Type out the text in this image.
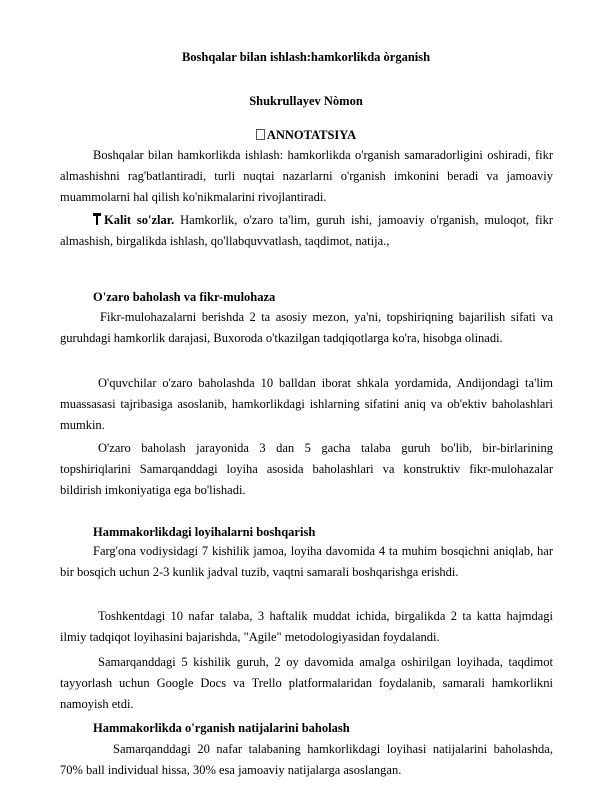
Boshqalar bilan ishlash:hamkorlikda òrganish
Shukrullayev Nòmon
ANNOTATSIYA

Boshqalar bilan hamkorlikda ishlash: hamkorlikda o'rganish samaradorligini oshiradi, fikr almashishni rag'batlantiradi, turli nuqtai nazarlarni o'rganish imkonini beradi va jamoaviy muammolarni hal qilish ko'nikmalarini rivojlantiradi.

Kalit so'zlar. Hamkorlik, o'zaro ta'lim, guruh ishi, jamoaviy o'rganish, muloqot, fikr almashish, birgalikda ishlash, qo'llabquvvatlash, taqdimot, natija.,

O'zaro baholash va fikr-mulohaza

Fikr-mulohazalarni berishda 2 ta asosiy mezon, ya'ni, topshiriqning bajarilish sifati va guruhdagi hamkorlik darajasi, Buxoroda o'tkazilgan tadqiqotlarga ko'ra, hisobga olinadi.

O'quvchilar o'zaro baholashda 10 balldan iborat shkala yordamida, Andijondagi ta'lim muassasasi tajribasiga asoslanib, hamkorlikdagi ishlarning sifatini aniq va ob'ektiv baholashlari mumkin.

O'zaro baholash jarayonida 3 dan 5 gacha talaba guruh bo'lib, bir-birlarining topshiriqlarini Samarqanddagi loyiha asosida baholashlari va konstruktiv fikr-mulohazalar bildirish imkoniyatiga ega bo'lishadi.

Hammakorlikdagi loyihalarni boshqarish

Farg'ona vodiysidagi 7 kishilik jamoa, loyiha davomida 4 ta muhim bosqichni aniqlab, har bir bosqich uchun 2-3 kunlik jadval tuzib, vaqtni samarali boshqarishga erishdi.

Toshkentdagi 10 nafar talaba, 3 haftalik muddat ichida, birgalikda 2 ta katta hajmdagi ilmiy tadqiqot loyihasini bajarishda, "Agile" metodologiyasidan foydalandi.

Samarqanddagi 5 kishilik guruh, 2 oy davomida amalga oshirilgan loyihada, taqdimot tayyorlash uchun Google Docs va Trello platformalaridan foydalanib, samarali hamkorlikni namoyish etdi.

Hammakorlikda o'rganish natijalarini baholash

Samarqanddagi 20 nafar talabaning hamkorlikdagi loyihasi natijalarini baholashda, 70% ball individual hissa, 30% esa jamoaviy natijalarga asoslangan.
